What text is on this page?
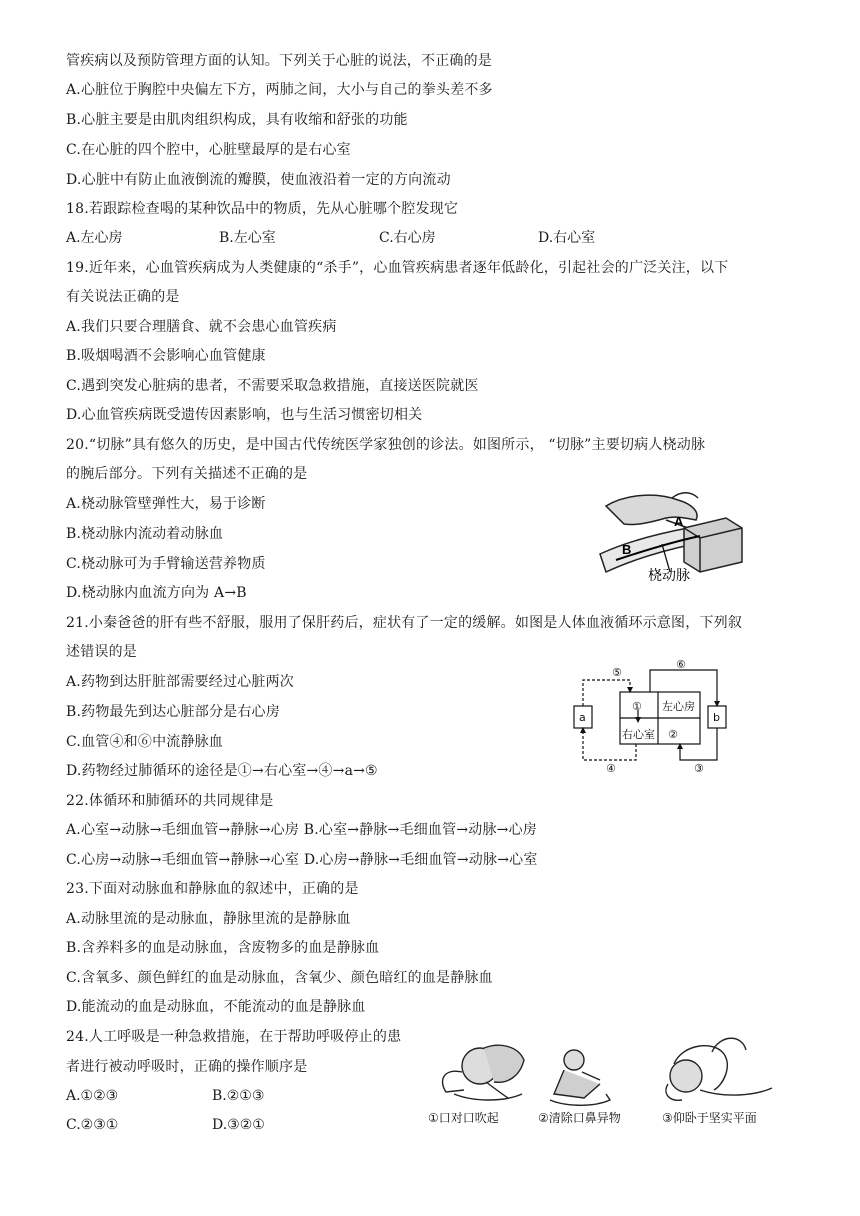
管疾病以及预防管理方面的认知。下列关于心脏的说法，不正确的是
A.心脏位于胸腔中央偏左下方，两肺之间，大小与自己的拳头差不多
B.心脏主要是由肌肉组织构成，具有收缩和舒张的功能
C.在心脏的四个腔中，心脏壁最厚的是右心室
D.心脏中有防止血液倒流的瓣膜，使血液沿着一定的方向流动
18.若跟踪检查喝的某种饮品中的物质，先从心脏哪个腔发现它
A.左心房	B.左心室	C.右心房	D.右心室
19.近年来，心血管疾病成为人类健康的“杀手”，心血管疾病患者逐年低龄化，引起社会的广泛关注，以下
有关说法正确的是
A.我们只要合理膳食、就不会患心血管疾病
B.吸烟喝酒不会影响心血管健康
C.遇到突发心脏病的患者，不需要采取急救措施，直接送医院就医
D.心血管疾病既受遗传因素影响，也与生活习惯密切相关
20.“切脉”具有悠久的历史，是中国古代传统医学家独创的诊法。如图所示， “切脉”主要切病人桡动脉
的腕后部分。下列有关描述不正确的是
A.桡动脉管壁弹性大，易于诊断
B.桡动脉内流动着动脉血
C.桡动脉可为手臂输送营养物质
D.桡动脉内血流方向为 A→B
A
B
桡动脉
21.小秦爸爸的肝有些不舒服，服用了保肝药后，症状有了一定的缓解。如图是人体血液循环示意图，下列叙
述错误的是
A.药物到达肝脏部需要经过心脏两次
B.药物最先到达心脏部分是右心房
C.血管④和⑥中流静脉血
D.药物经过肺循环的途径是①→右心室→④→a→⑤
⑤
⑥
① 左心房
右心室 ②
a	b
④	③
22.体循环和肺循环的共同规律是
A.心室→动脉→毛细血管→静脉→心房 B.心室→静脉→毛细血管→动脉→心房
C.心房→动脉→毛细血管→静脉→心室 D.心房→静脉→毛细血管→动脉→心室
23.下面对动脉血和静脉血的叙述中，正确的是
A.动脉里流的是动脉血，静脉里流的是静脉血
B.含养料多的血是动脉血，含废物多的血是静脉血
C.含氧多、颜色鲜红的血是动脉血，含氧少、颜色暗红的血是静脉血
D.能流动的血是动脉血，不能流动的血是静脉血
24.人工呼吸是一种急救措施，在于帮助呼吸停止的患
者进行被动呼吸时，正确的操作顺序是
A.①②③	B.②①③
C.②③①	D.③②①	①口对口吹起	②清除口鼻异物	③仰卧于坚实平面
